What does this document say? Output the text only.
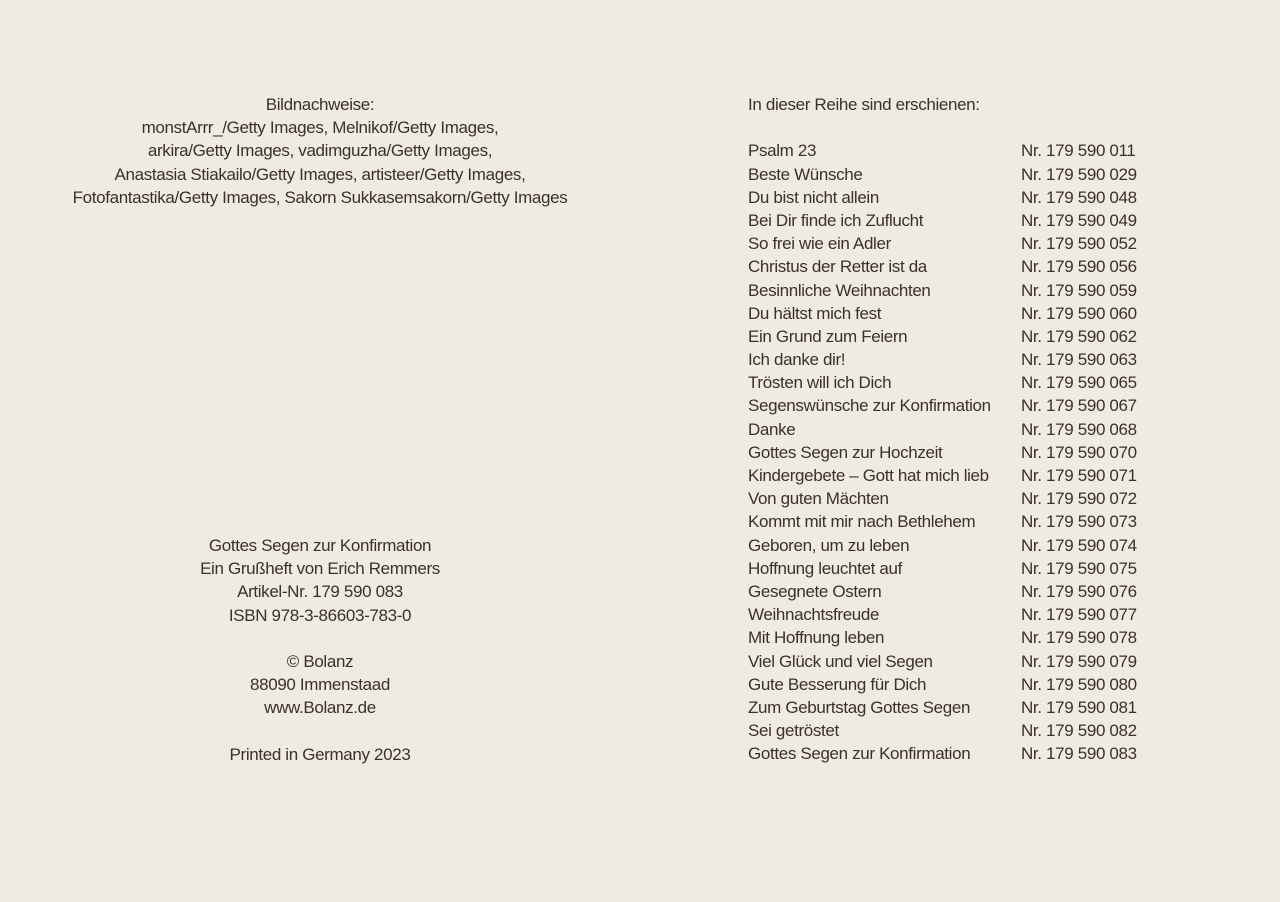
Bildnachweise:
monstArrr_/Getty Images, Melnikof/Getty Images,
arkira/Getty Images, vadimguzha/Getty Images,
Anastasia Stiakailo/Getty Images, artisteer/Getty Images,
Fotofantastika/Getty Images, Sakorn Sukkasemsakorn/Getty Images
Gottes Segen zur Konfirmation
Ein Grußheft von Erich Remmers
Artikel-Nr. 179 590 083
ISBN 978-3-86603-783-0
© Bolanz
88090 Immenstaad
www.Bolanz.de
Printed in Germany 2023
In dieser Reihe sind erschienen:
Psalm 23	Nr. 179 590 011
Beste Wünsche	Nr. 179 590 029
Du bist nicht allein	Nr. 179 590 048
Bei Dir finde ich Zuflucht	Nr. 179 590 049
So frei wie ein Adler	Nr. 179 590 052
Christus der Retter ist da	Nr. 179 590 056
Besinnliche Weihnachten	Nr. 179 590 059
Du hältst mich fest	Nr. 179 590 060
Ein Grund zum Feiern	Nr. 179 590 062
Ich danke dir!	Nr. 179 590 063
Trösten will ich Dich	Nr. 179 590 065
Segenswünsche zur Konfirmation	Nr. 179 590 067
Danke	Nr. 179 590 068
Gottes Segen zur Hochzeit	Nr. 179 590 070
Kindergebete – Gott hat mich lieb	Nr. 179 590 071
Von guten Mächten	Nr. 179 590 072
Kommt mit mir nach Bethlehem	Nr. 179 590 073
Geboren, um zu leben	Nr. 179 590 074
Hoffnung leuchtet auf	Nr. 179 590 075
Gesegnete Ostern	Nr. 179 590 076
Weihnachtsfreude	Nr. 179 590 077
Mit Hoffnung leben	Nr. 179 590 078
Viel Glück und viel Segen	Nr. 179 590 079
Gute Besserung für Dich	Nr. 179 590 080
Zum Geburtstag Gottes Segen	Nr. 179 590 081
Sei getröstet	Nr. 179 590 082
Gottes Segen zur Konfirmation	Nr. 179 590 083
